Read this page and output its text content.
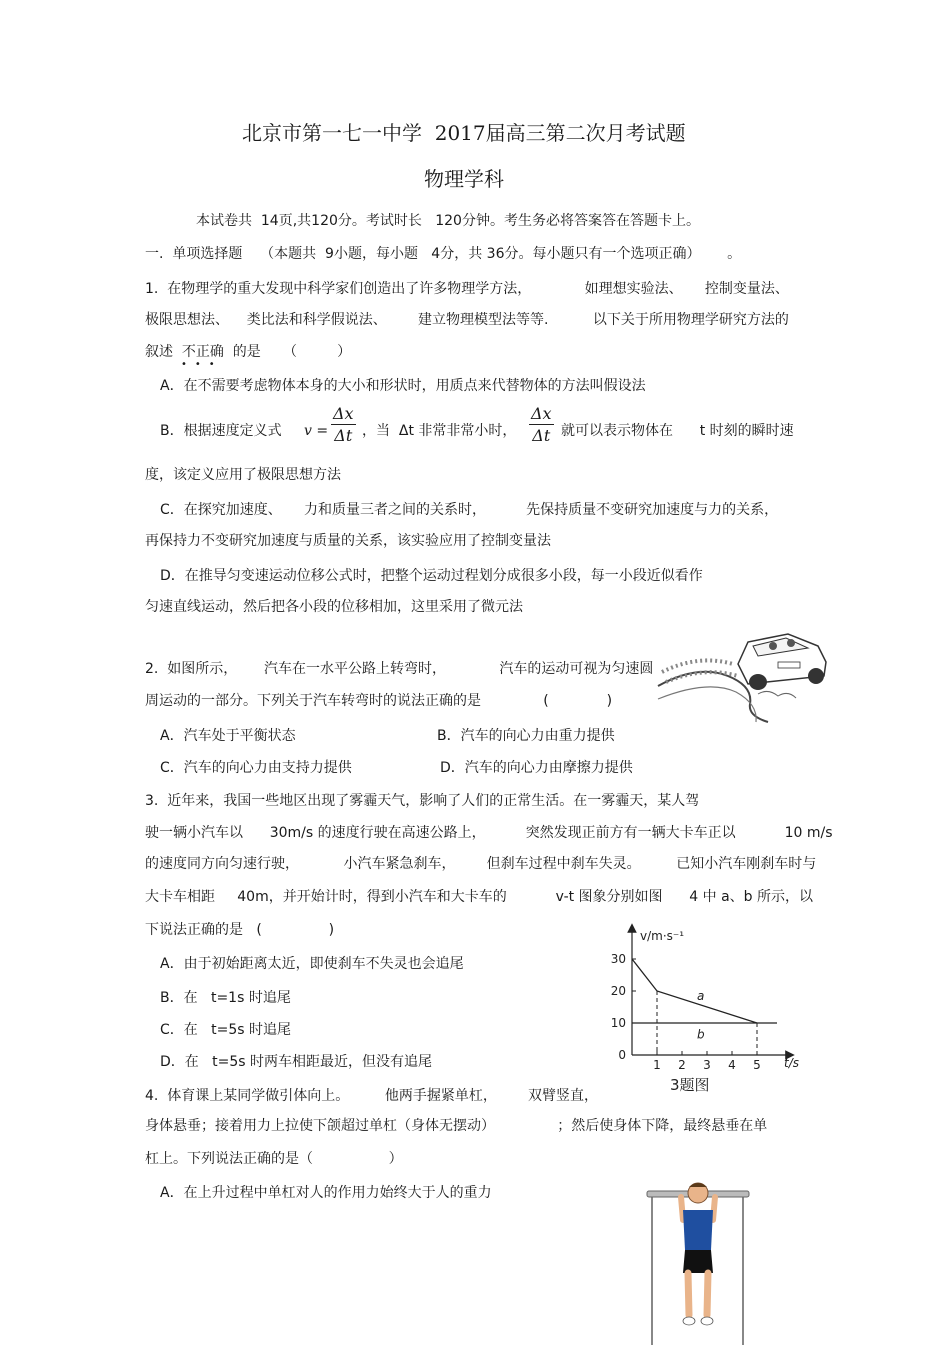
北京市第一七一中学  2017届高三第二次月考试题
物理学科
本试卷共  14页,共120分。考试时长   120分钟。考生务必将答案答在答题卡上。
一.  单项选择题    （本题共  9小题，每小题   4分，共 36分。每小题只有一个选项正确）      。
1.  在物理学的重大发现中科学家们创造出了许多物理学方法，            如理想实验法、     控制变量法、
极限思想法、    类比法和科学假说法、       建立物理模型法等等.          以下关于所用物理学研究方法的
叙述  不正确  的是     （         ）
•••
A．在不需要考虑物体本身的大小和形状时，用质点来代替物体的方法叫假设法
B．根据速度定义式 $v = \frac{\Delta x}{\Delta t}$ ，当  Δt 非常非常小时， $\frac{\Delta x}{\Delta t}$ 就可以表示物体在      t 时刻的瞬时速
度，该定义应用了极限思想方法
C．在探究加速度、     力和质量三者之间的关系时，         先保持质量不变研究加速度与力的关系，
再保持力不变研究加速度与质量的关系，该实验应用了控制变量法
D．在推导匀变速运动位移公式时，把整个运动过程划分成很多小段，每一小段近似看作
匀速直线运动，然后把各小段的位移相加，这里采用了微元法
2.  如图所示，      汽车在一水平公路上转弯时，            汽车的运动可视为匀速圆
周运动的一部分。下列关于汽车转弯时的说法正确的是              (             )
A．汽车处于平衡状态	B．汽车的向心力由重力提供
C．汽车的向心力由支持力提供	D．汽车的向心力由摩擦力提供
3.  近年来，我国一些地区出现了雾霾天气，影响了人们的正常生活。在一雾霾天，某人驾
驶一辆小汽车以      30m/s 的速度行驶在高速公路上，         突然发现正前方有一辆大卡车正以           10 m/s
的速度同方向匀速行驶，          小汽车紧急刹车，       但刹车过程中刹车失灵。        已知小汽车刚刹车时与
大卡车相距     40m，并开始计时，得到小汽车和大卡车的           v-t 图象分别如图      4 中 a、b 所示，以
下说法正确的是   (               )
A．由于初始距离太近，即使刹车不失灵也会追尾
B．在   t=1s 时追尾
C．在   t=5s 时追尾
D．在   t=5s 时两车相距最近，但没有追尾
v/m·s⁻¹
t/s
0
10
20
30
1 2 3 4 5
a
b
3题图
4.  体育课上某同学做引体向上。        他两手握紧单杠，       双臂竖直，
身体悬垂；接着用力上拉使下颌超过单杠（身体无摆动）              ；然后使身体下降，最终悬垂在单
杠上。下列说法正确的是（                 ）
A．在上升过程中单杠对人的作用力始终大于人的重力
